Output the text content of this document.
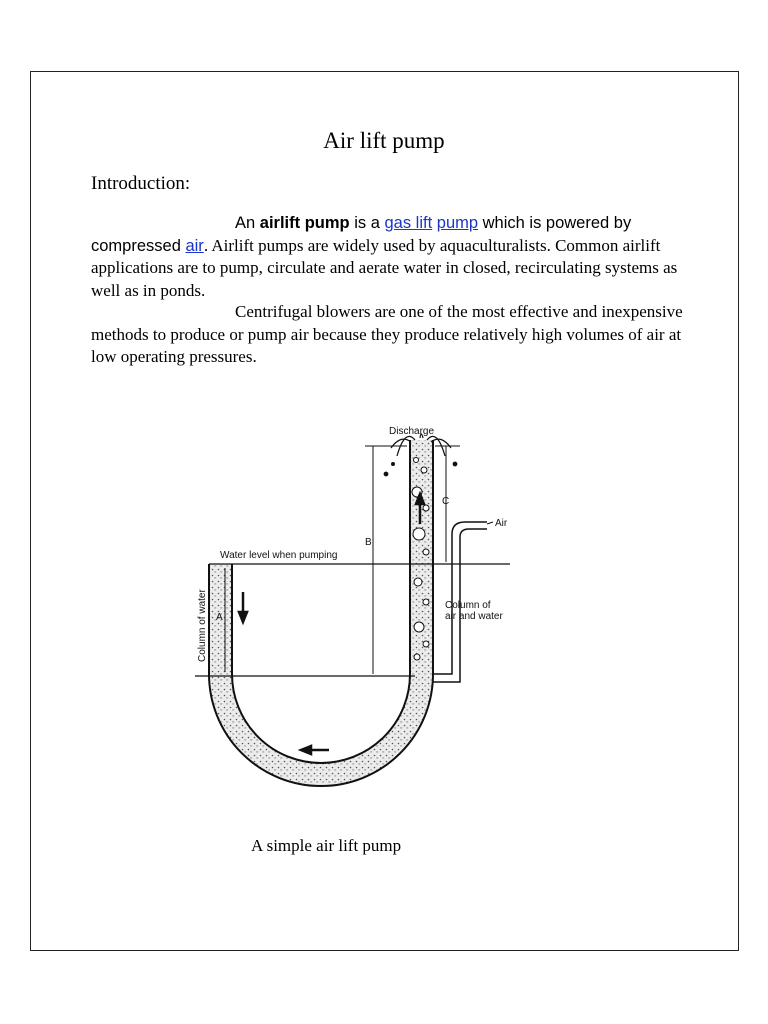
Air lift pump
Introduction:
An airlift pump is a gas lift pump which is powered by compressed air. Airlift pumps are widely used by aquaculturalists. Common airlift applications are to pump, circulate and aerate water in closed, recirculating systems as well as in ponds.
Centrifugal blowers are one of the most effective and inexpensive methods to produce or pump air because they produce relatively high volumes of air at low operating pressures.
Discharge
Water level when pumping
Column of water A
B
C
Air
Column of
air and water
A simple air lift pump
